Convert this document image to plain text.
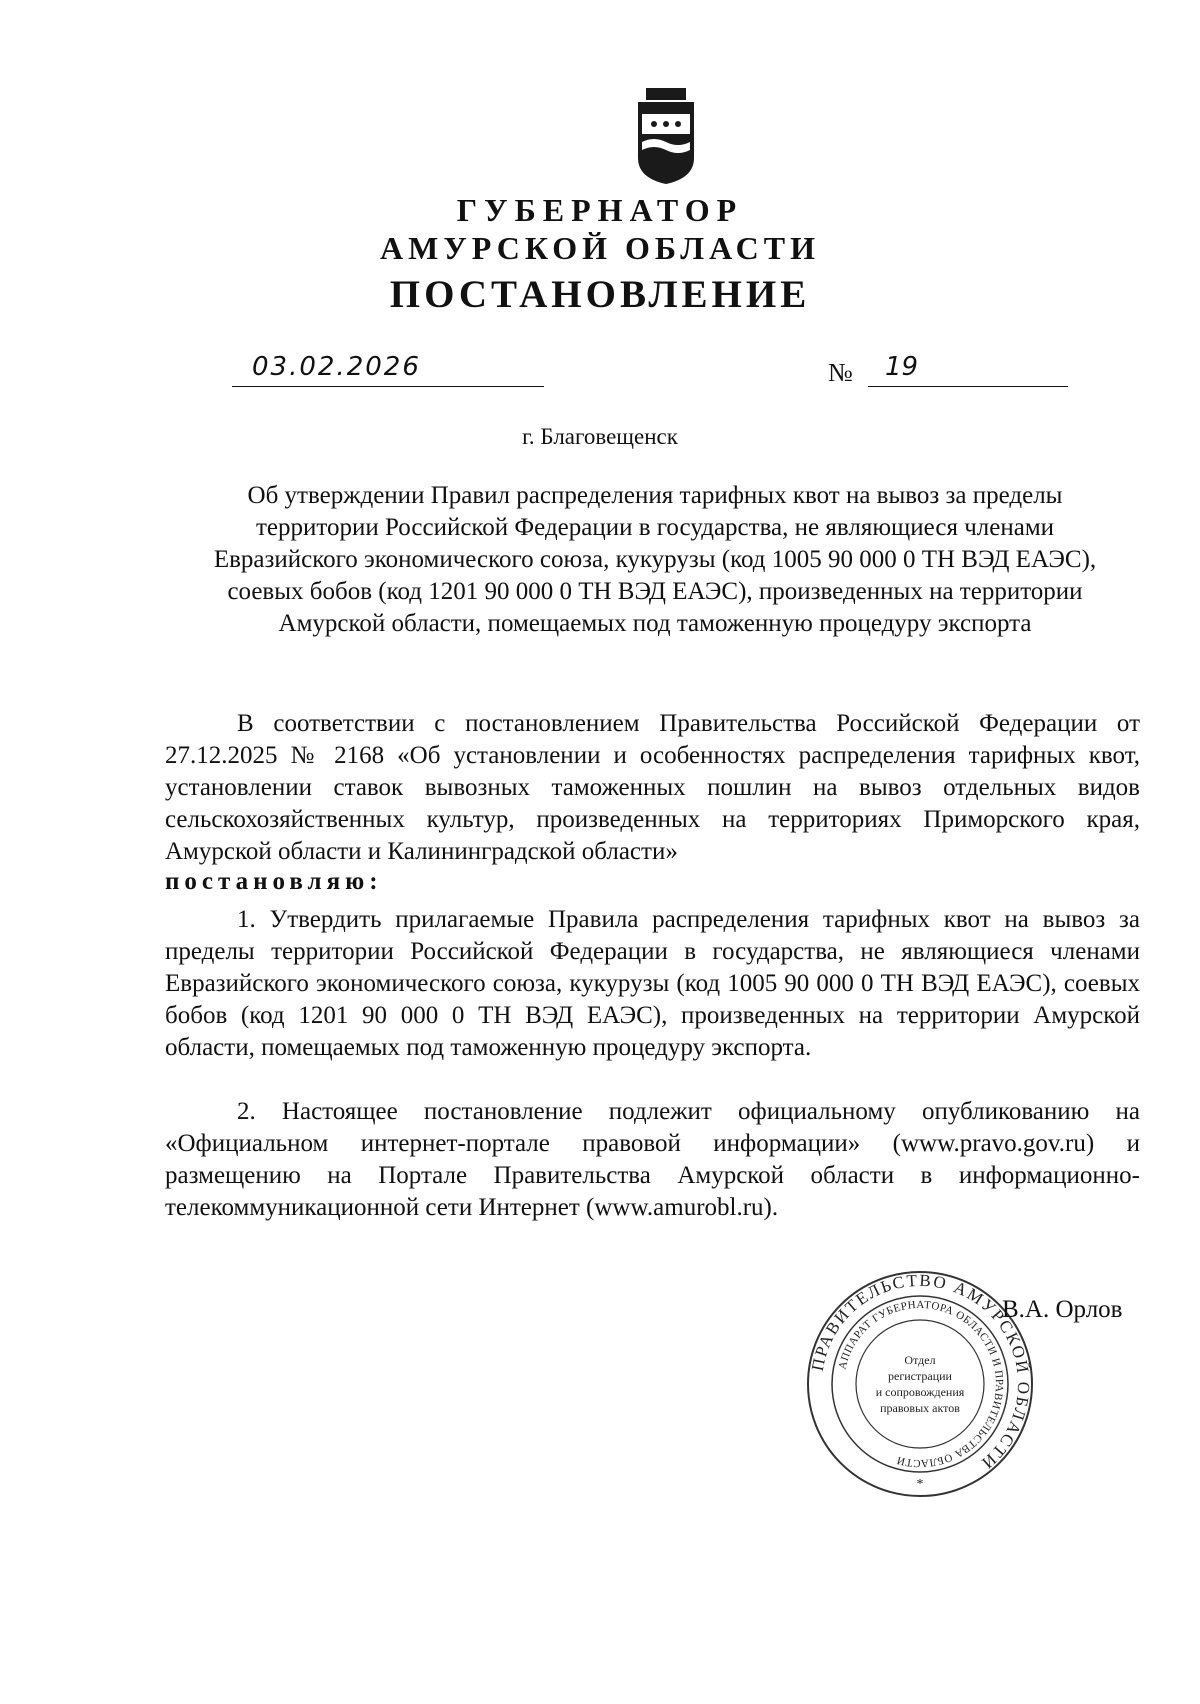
ГУБЕРНАТОР
АМУРСКОЙ ОБЛАСТИ
ПОСТАНОВЛЕНИЕ
03.02.2026	№ 19
г. Благовещенск
Об утверждении Правил распределения тарифных квот на вывоз за пределы территории Российской Федерации в государства, не являющиеся членами Евразийского экономического союза, кукурузы (код 1005 90 000 0 ТН ВЭД ЕАЭС), соевых бобов (код 1201 90 000 0 ТН ВЭД ЕАЭС), произведенных на территории Амурской области, помещаемых под таможенную процедуру экспорта
В соответствии с постановлением Правительства Российской Федерации от 27.12.2025 № 2168 «Об установлении и особенностях распределения тарифных квот, установлении ставок вывозных таможенных пошлин на вывоз отдельных видов сельскохозяйственных культур, произведенных на территориях Приморского края, Амурской области и Калининградской области»
постановляю:
1. Утвердить прилагаемые Правила распределения тарифных квот на вывоз за пределы территории Российской Федерации в государства, не являющиеся членами Евразийского экономического союза, кукурузы (код 1005 90 000 0 ТН ВЭД ЕАЭС), соевых бобов (код 1201 90 000 0 ТН ВЭД ЕАЭС), произведенных на территории Амурской области, помещаемых под таможенную процедуру экспорта.
2. Настоящее постановление подлежит официальному опубликованию на «Официальном интернет-портале правовой информации» (www.pravo.gov.ru) и размещению на Портале Правительства Амурской области в информационно-телекоммуникационной сети Интернет (www.amurobl.ru).
ПРАВИТЕЛЬСТВО АМУРСКОЙ ОБЛАСТИ
АППАРАТ ГУБЕРНАТОРА ОБЛАСТИ И ПРАВИТЕЛЬСТВА ОБЛАСТИ
Отдел
регистрации
и сопровождения
правовых актов
*
В.А. Орлов
